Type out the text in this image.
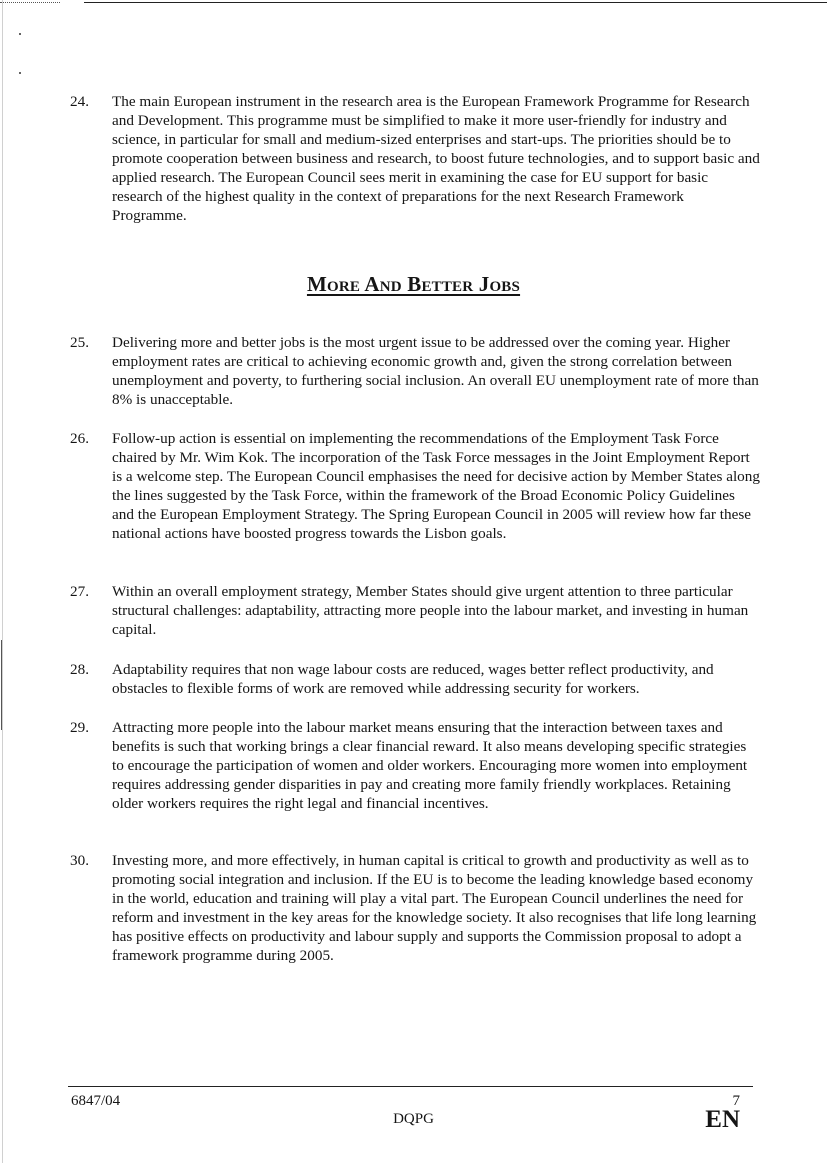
24.	The main European instrument in the research area is the European Framework Programme for Research and Development. This programme must be simplified to make it more user-friendly for industry and science, in particular for small and medium-sized enterprises and start-ups. The priorities should be to promote cooperation between business and research, to boost future technologies, and to support basic and applied research. The European Council sees merit in examining the case for EU support for basic research of the highest quality in the context of preparations for the next Research Framework Programme.
More And Better Jobs
25.	Delivering more and better jobs is the most urgent issue to be addressed over the coming year. Higher employment rates are critical to achieving economic growth and, given the strong correlation between unemployment and poverty, to furthering social inclusion. An overall EU unemployment rate of more than 8% is unacceptable.
26.	Follow-up action is essential on implementing the recommendations of the Employment Task Force chaired by Mr. Wim Kok. The incorporation of the Task Force messages in the Joint Employment Report is a welcome step. The European Council emphasises the need for decisive action by Member States along the lines suggested by the Task Force, within the framework of the Broad Economic Policy Guidelines and the European Employment Strategy. The Spring European Council in 2005 will review how far these national actions have boosted progress towards the Lisbon goals.
27.	Within an overall employment strategy, Member States should give urgent attention to three particular structural challenges: adaptability, attracting more people into the labour market, and investing in human capital.
28.	Adaptability requires that non wage labour costs are reduced, wages better reflect productivity, and obstacles to flexible forms of work are removed while addressing security for workers.
29.	Attracting more people into the labour market means ensuring that the interaction between taxes and benefits is such that working brings a clear financial reward. It also means developing specific strategies to encourage the participation of women and older workers. Encouraging more women into employment requires addressing gender disparities in pay and creating more family friendly workplaces. Retaining older workers requires the right legal and financial incentives.
30.	Investing more, and more effectively, in human capital is critical to growth and productivity as well as to promoting social integration and inclusion. If the EU is to become the leading knowledge based economy in the world, education and training will play a vital part. The European Council underlines the need for reform and investment in the key areas for the knowledge society. It also recognises that life long learning has positive effects on productivity and labour supply and supports the Commission proposal to adopt a framework programme during 2005.
6847/04	7
DQPG	EN
